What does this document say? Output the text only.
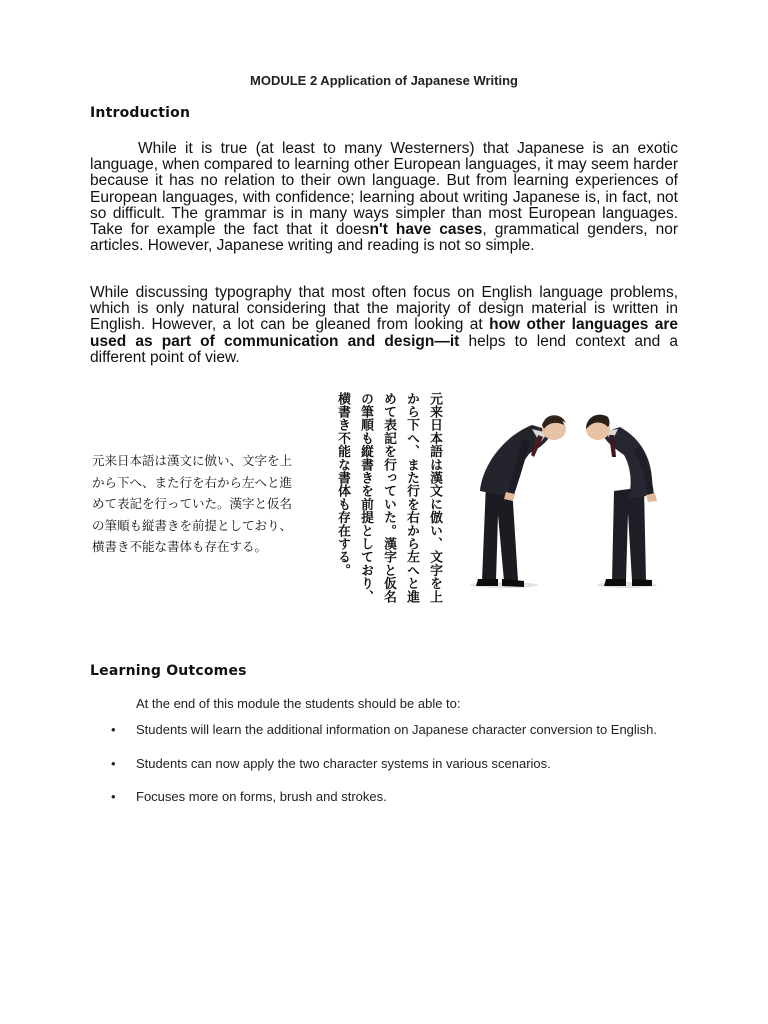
MODULE 2 Application of Japanese Writing
Introduction

While it is true (at least to many Westerners) that Japanese is an exotic language, when compared to learning other European languages, it may seem harder because it has no relation to their own language. But from learning experiences of European languages, with confidence; learning about writing Japanese is, in fact, not so difficult. The grammar is in many ways simpler than most European languages. Take for example the fact that it doesn't have cases, grammatical genders, nor articles. However, Japanese writing and reading is not so simple.

While discussing typography that most often focus on English language problems, which is only natural considering that the majority of design material is written in English. However, a lot can be gleaned from looking at how other languages are used as part of communication and design—it helps to lend context and a different point of view.

元来日本語は漢文に倣い、文字を上
から下へ、また行を右から左へと進
めて表記を行っていた。漢字と仮名
の筆順も縦書きを前提としており、
横書き不能な書体も存在する。	元来日本語は漢文に倣い、文字を上
から下へ、また行を右から左へと進
めて表記を行っていた。漢字と仮名
の筆順も縦書きを前提としており、
横書き不能な書体も存在する。
Learning Outcomes
At the end of this module the students should be able to:
• Students will learn the additional information on Japanese character conversion to English.
• Students can now apply the two character systems in various scenarios.
• Focuses more on forms, brush and strokes.
